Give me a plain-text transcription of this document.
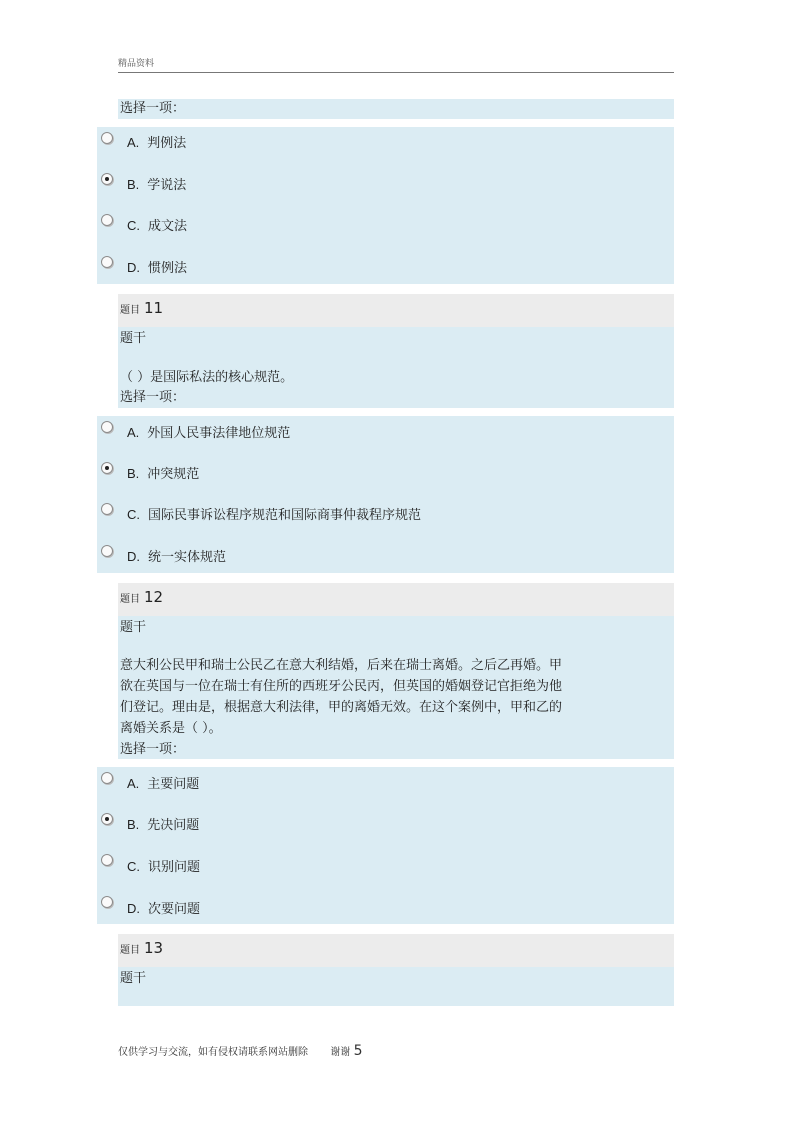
精品资料
选择一项：
A. 判例法
B. 学说法
C. 成文法
D. 惯例法
题目 11
题干
（ ）是国际私法的核心规范。
选择一项：
A. 外国人民事法律地位规范
B. 冲突规范
C. 国际民事诉讼程序规范和国际商事仲裁程序规范
D. 统一实体规范
题目 12
题干
意大利公民甲和瑞士公民乙在意大利结婚，后来在瑞士离婚。之后乙再婚。甲
欲在英国与一位在瑞士有住所的西班牙公民丙，但英国的婚姻登记官拒绝为他
们登记。理由是，根据意大利法律，甲的离婚无效。在这个案例中，甲和乙的
离婚关系是（ ）。
选择一项：
A. 主要问题
B. 先决问题
C. 识别问题
D. 次要问题
题目 13
题干
仅供学习与交流，如有侵权请联系网站删除 谢谢 5
